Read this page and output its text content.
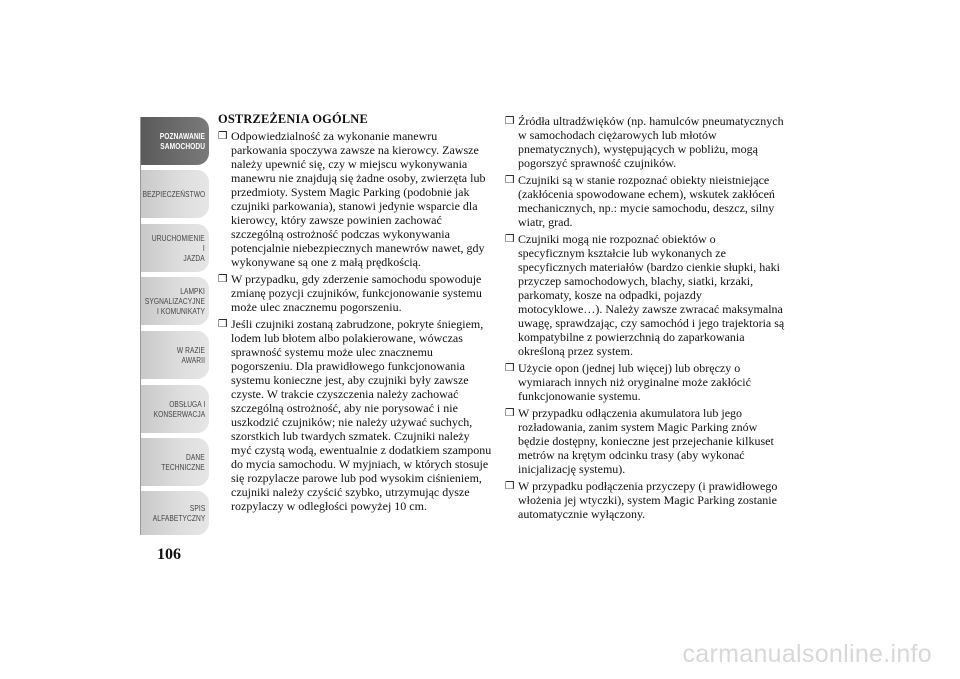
POZNAWANIE
SAMOCHODU
BEZPIECZEŃSTWO
URUCHOMIENIE I
JAZDA
LAMPKI
SYGNALIZACYJNE
I KOMUNIKATY
W RAZIE AWARII
OBSŁUGA I
KONSERWACJA
DANE
TECHNICZNE
SPIS
ALFABETYCZNY
106
OSTRZEŻENIA OGÓLNE
❒ Odpowiedzialność za wykonanie manewru parkowania spoczywa zawsze na kierowcy. Zawsze należy upewnić się, czy w miejscu wykonywania manewru nie znajdują się żadne osoby, zwierzęta lub przedmioty. System Magic Parking (podobnie jak czujniki parkowania), stanowi jedynie wsparcie dla kierowcy, który zawsze powinien zachować szczególną ostrożność podczas wykonywania potencjalnie niebezpiecznych manewrów nawet, gdy wykonywane są one z małą prędkością.
❒ W przypadku, gdy zderzenie samochodu spowoduje zmianę pozycji czujników, funkcjonowanie systemu może ulec znacznemu pogorszeniu.
❒ Jeśli czujniki zostaną zabrudzone, pokryte śniegiem, lodem lub błotem albo polakierowane, wówczas sprawność systemu może ulec znacznemu pogorszeniu. Dla prawidłowego funkcjonowania systemu konieczne jest, aby czujniki były zawsze czyste. W trakcie czyszczenia należy zachować szczególną ostrożność, aby nie porysować i nie uszkodzić czujników; nie należy używać suchych, szorstkich lub twardych szmatek. Czujniki należy myć czystą wodą, ewentualnie z dodatkiem szamponu do mycia samochodu. W myjniach, w których stosuje się rozpylacze parowe lub pod wysokim ciśnieniem, czujniki należy czyścić szybko, utrzymując dysze rozpylaczy w odległości powyżej 10 cm.
❒ Źródła ultradźwięków (np. hamulców pneumatycznych w samochodach ciężarowych lub młotów pnematycznych), występujących w pobliżu, mogą pogorszyć sprawność czujników.
❒ Czujniki są w stanie rozpoznać obiekty nieistniejące (zakłócenia spowodowane echem), wskutek zakłóceń mechanicznych, np.: mycie samochodu, deszcz, silny wiatr, grad.
❒ Czujniki mogą nie rozpoznać obiektów o specyficznym kształcie lub wykonanych ze specyficznych materiałów (bardzo cienkie słupki, haki przyczep samochodowych, blachy, siatki, krzaki, parkomaty, kosze na odpadki, pojazdy motocyklowe…). Należy zawsze zwracać maksymalna uwagę, sprawdzając, czy samochód i jego trajektoria są kompatybilne z powierzchnią do zaparkowania określoną przez system.
❒ Użycie opon (jednej lub więcej) lub obręczy o wymiarach innych niż oryginalne może zakłócić funkcjonowanie systemu.
❒ W przypadku odłączenia akumulatora lub jego rozładowania, zanim system Magic Parking znów będzie dostępny, konieczne jest przejechanie kilkuset metrów na krętym odcinku trasy (aby wykonać inicjalizację systemu).
❒ W przypadku podłączenia przyczepy (i prawidłowego włożenia jej wtyczki), system Magic Parking zostanie automatycznie wyłączony.
carmanualsonline.info
